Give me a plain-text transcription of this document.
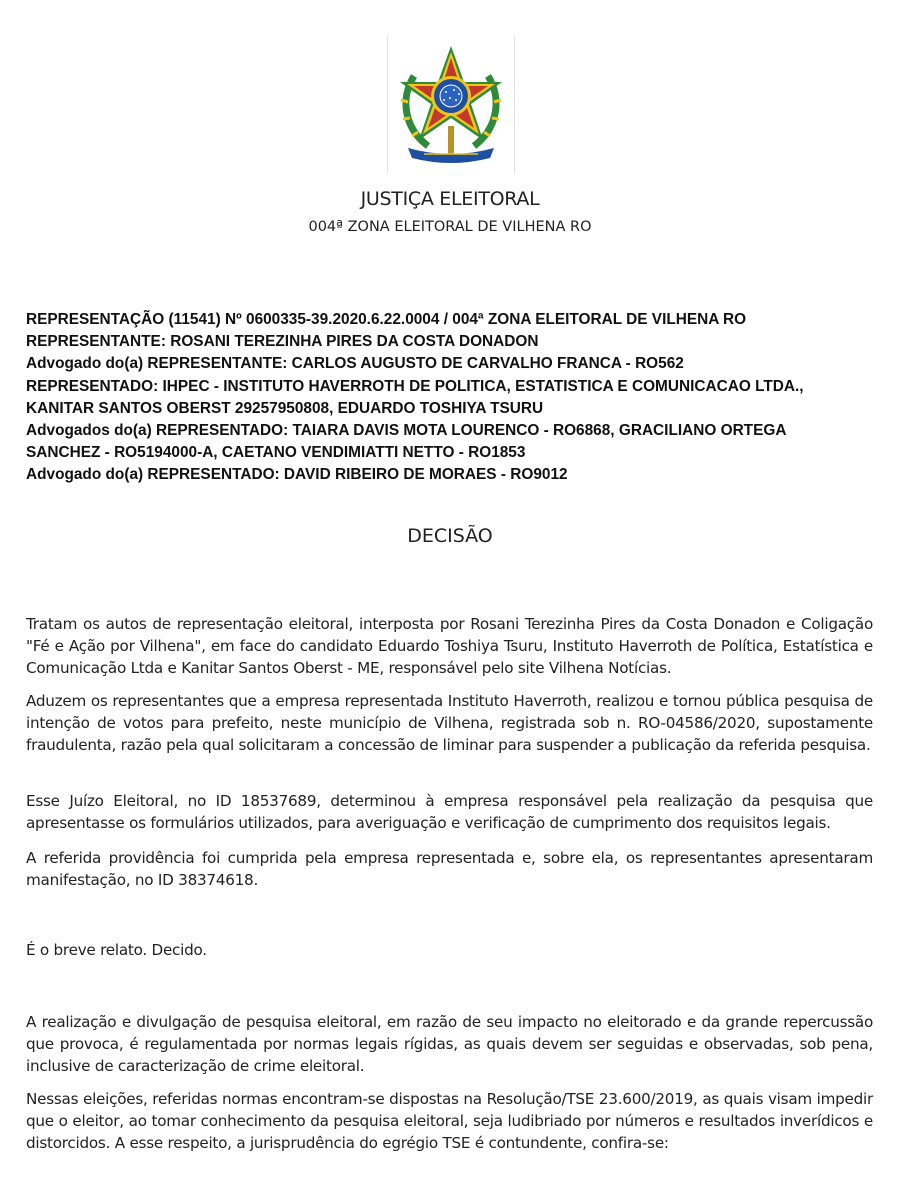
JUSTIÇA ELEITORAL
004ª ZONA ELEITORAL DE VILHENA RO
REPRESENTAÇÃO (11541) Nº 0600335-39.2020.6.22.0004 / 004ª ZONA ELEITORAL DE VILHENA RO
REPRESENTANTE: ROSANI TEREZINHA PIRES DA COSTA DONADON
Advogado do(a) REPRESENTANTE: CARLOS AUGUSTO DE CARVALHO FRANCA - RO562
REPRESENTADO: IHPEC - INSTITUTO HAVERROTH DE POLITICA, ESTATISTICA E COMUNICACAO LTDA.,
KANITAR SANTOS OBERST 29257950808, EDUARDO TOSHIYA TSURU
Advogados do(a) REPRESENTADO: TAIARA DAVIS MOTA LOURENCO - RO6868, GRACILIANO ORTEGA
SANCHEZ - RO5194000-A, CAETANO VENDIMIATTI NETTO - RO1853
Advogado do(a) REPRESENTADO: DAVID RIBEIRO DE MORAES - RO9012
DECISÃO

Tratam os autos de representação eleitoral, interposta por Rosani Terezinha Pires da Costa Donadon e Coligação "Fé e Ação por Vilhena", em face do candidato Eduardo Toshiya Tsuru, Instituto Haverroth de Política, Estatística e Comunicação Ltda e Kanitar Santos Oberst - ME, responsável pelo site Vilhena Notícias.

Aduzem os representantes que a empresa representada Instituto Haverroth, realizou e tornou pública pesquisa de intenção de votos para prefeito, neste município de Vilhena, registrada sob n. RO-04586/2020, supostamente fraudulenta, razão pela qual solicitaram a concessão de liminar para suspender a publicação da referida pesquisa.

Esse Juízo Eleitoral, no ID 18537689, determinou à empresa responsável pela realização da pesquisa que apresentasse os formulários utilizados, para averiguação e verificação de cumprimento dos requisitos legais.

A referida providência foi cumprida pela empresa representada e, sobre ela, os representantes apresentaram manifestação, no ID 38374618.

É o breve relato. Decido.

A realização e divulgação de pesquisa eleitoral, em razão de seu impacto no eleitorado e da grande repercussão que provoca, é regulamentada por normas legais rígidas, as quais devem ser seguidas e observadas, sob pena, inclusive de caracterização de crime eleitoral.

Nessas eleições, referidas normas encontram-se dispostas na Resolução/TSE 23.600/2019, as quais visam impedir que o eleitor, ao tomar conhecimento da pesquisa eleitoral, seja ludibriado por números e resultados inverídicos e distorcidos. A esse respeito, a jurisprudência do egrégio TSE é contundente, confira-se:
